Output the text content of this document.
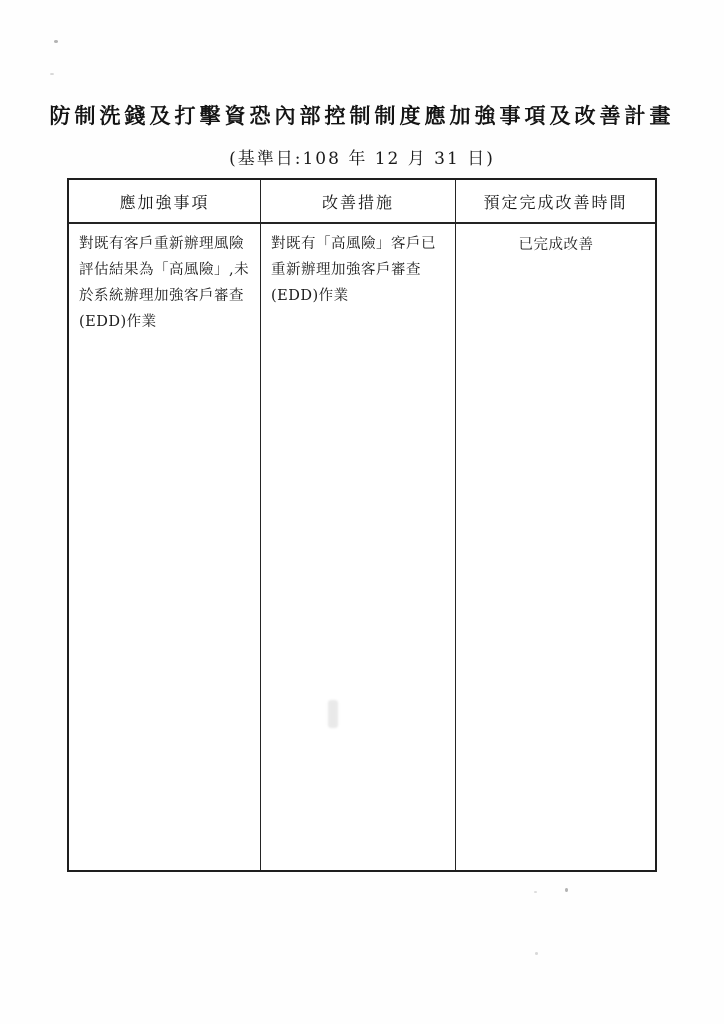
防制洗錢及打擊資恐內部控制制度應加強事項及改善計畫
(基準日:108 年 12 月 31 日)
應加強事項	改善措施	預定完成改善時間
對既有客戶重新辦理風險評估結果為「高風險」,未於系統辦理加強客戶審查(EDD)作業
對既有「高風險」客戶已重新辦理加強客戶審查(EDD)作業
已完成改善
